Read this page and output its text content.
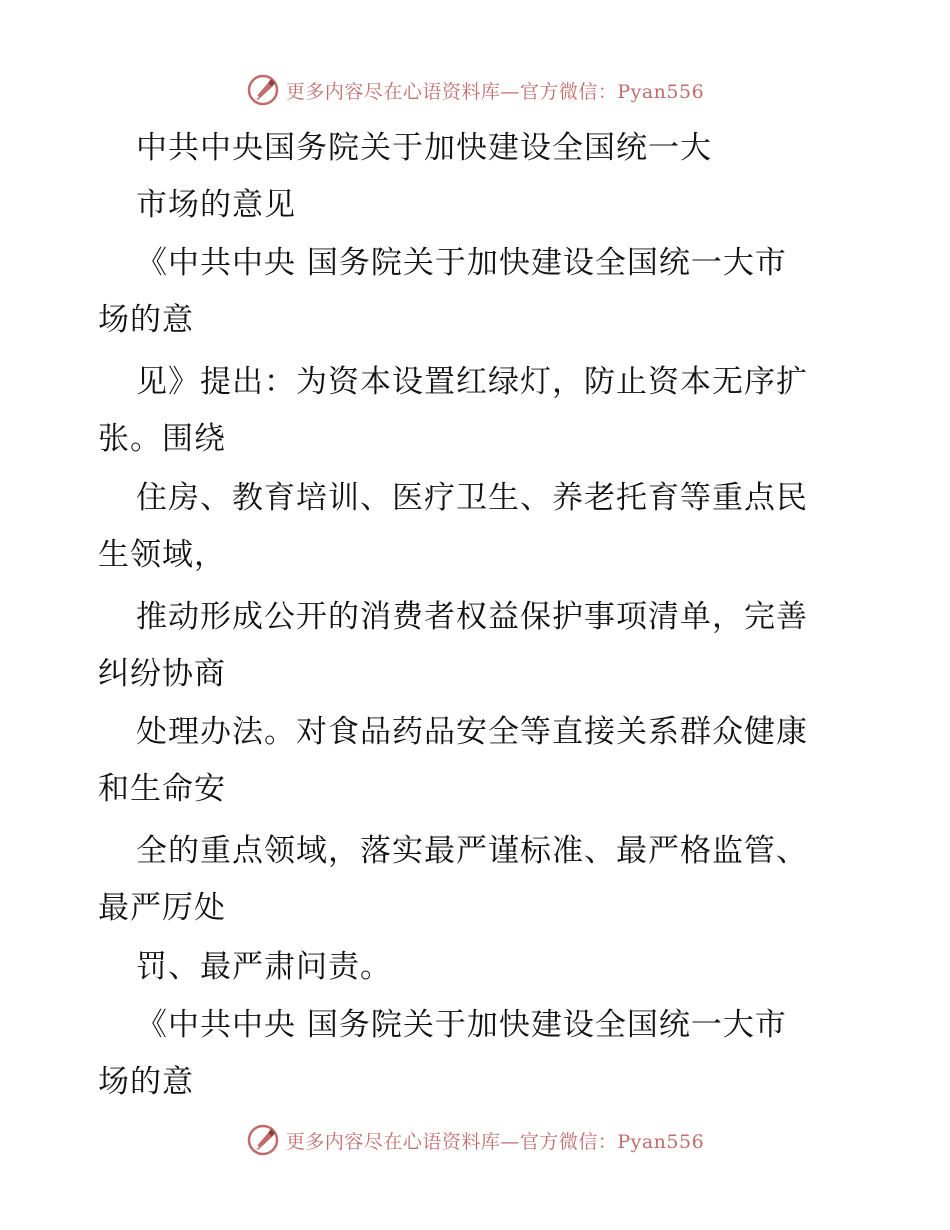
更多内容尽在心语资料库—官方微信：Pyan556
中共中央国务院关于加快建设全国统一大
市场的意见
《中共中央 国务院关于加快建设全国统一大市
场的意
见》提出：为资本设置红绿灯，防止资本无序扩
张。围绕
住房、教育培训、医疗卫生、养老托育等重点民
生领域，
推动形成公开的消费者权益保护事项清单，完善
纠纷协商
处理办法。对食品药品安全等直接关系群众健康
和生命安
全的重点领域，落实最严谨标准、最严格监管、
最严厉处
罚、最严肃问责。
《中共中央 国务院关于加快建设全国统一大市
场的意
更多内容尽在心语资料库—官方微信：Pyan556
